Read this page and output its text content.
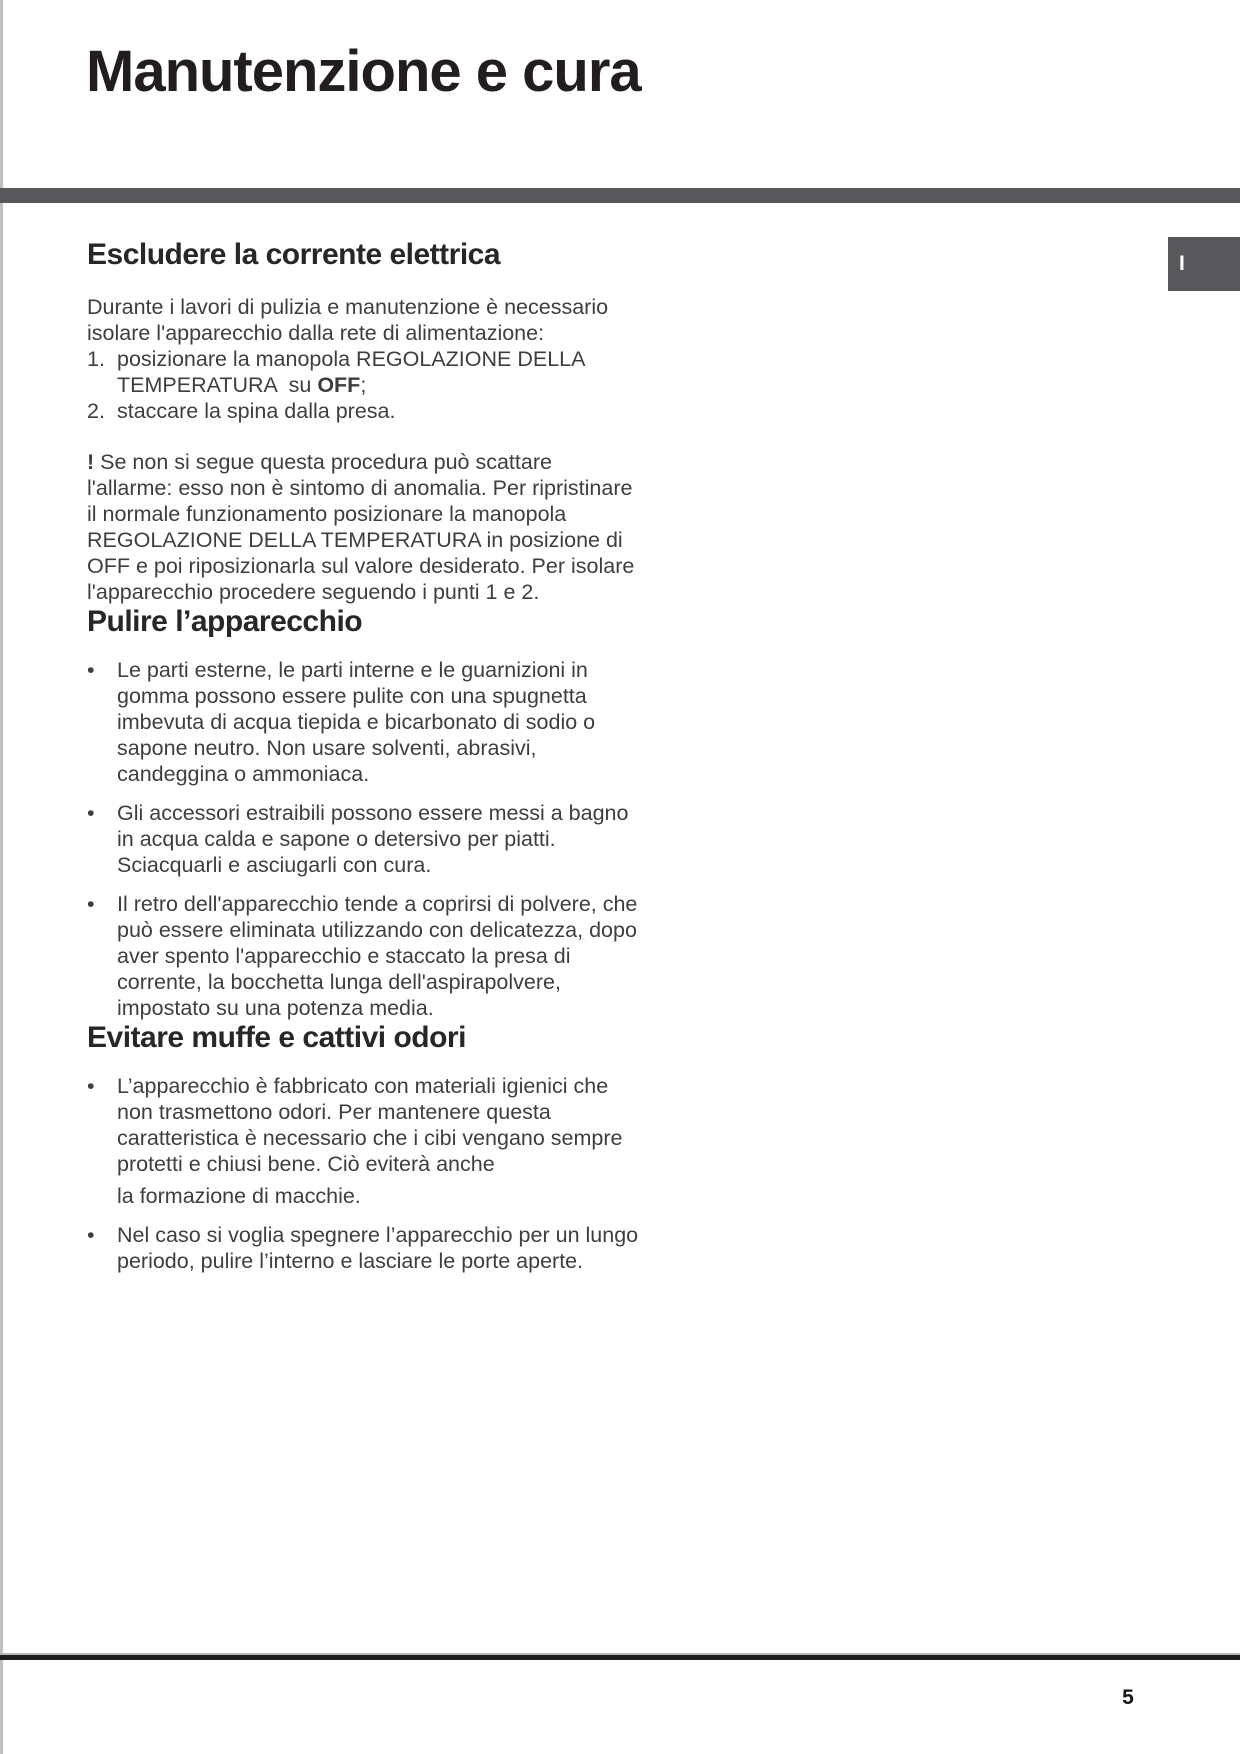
Manutenzione e cura
I
Escludere la corrente elettrica

Durante i lavori di pulizia e manutenzione è necessario isolare l'apparecchio dalla rete di alimentazione:

1. posizionare la manopola REGOLAZIONE DELLA TEMPERATURA  su OFF;
2. staccare la spina dalla presa.

! Se non si segue questa procedura può scattare l'allarme: esso non è sintomo di anomalia. Per ripristinare il normale funzionamento posizionare la manopola REGOLAZIONE DELLA TEMPERATURA in posizione di OFF e poi riposizionarla sul valore desiderato. Per isolare l'apparecchio procedere seguendo i punti 1 e 2.

Pulire l’apparecchio
• Le parti esterne, le parti interne e le guarnizioni in gomma possono essere pulite con una spugnetta imbevuta di acqua tiepida e bicarbonato di sodio o sapone neutro. Non usare solventi, abrasivi, candeggina o ammoniaca.
• Gli accessori estraibili possono essere messi a bagno in acqua calda e sapone o detersivo per piatti. Sciacquarli e asciugarli con cura.
• Il retro dell'apparecchio tende a coprirsi di polvere, che può essere eliminata utilizzando con delicatezza, dopo aver spento l'apparecchio e staccato la presa di corrente, la bocchetta lunga dell'aspirapolvere, impostato su una potenza media.
Evitare muffe e cattivi odori
• L’apparecchio è fabbricato con materiali igienici che non trasmettono odori. Per mantenere questa caratteristica è necessario che i cibi vengano sempre protetti e chiusi bene. Ciò eviterà anche

la formazione di macchie.

• Nel caso si voglia spegnere l’apparecchio per un lungo periodo, pulire l’interno e lasciare le porte aperte.
5
